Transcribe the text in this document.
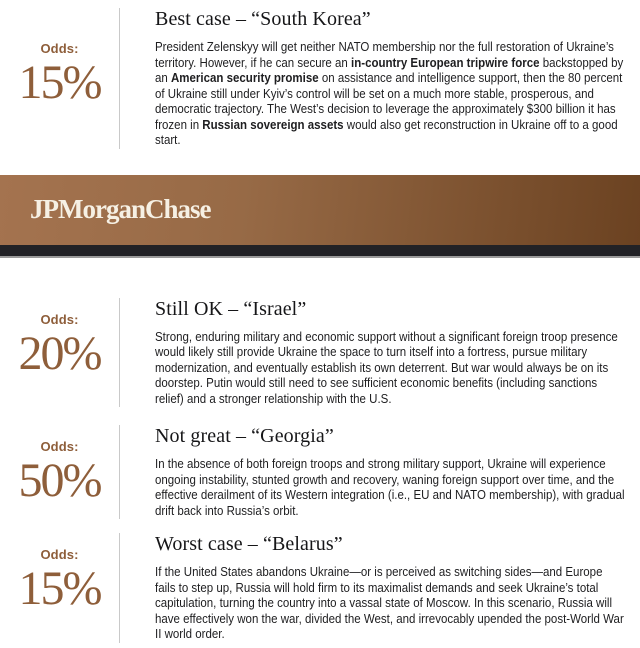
Odds:
15%
Best case – “South Korea”

President Zelenskyy will get neither NATO membership nor the full restoration of Ukraine’s territory. However, if he can secure an in-country European tripwire force backstopped by an American security promise on assistance and intelligence support, then the 80 percent of Ukraine still under Kyiv’s control will be set on a much more stable, prosperous, and democratic trajectory. The West’s decision to leverage the approximately $300 billion it has frozen in Russian sovereign assets would also get reconstruction in Ukraine off to a good start.

JPMorganChase
Odds:
20%
Still OK – “Israel”

Strong, enduring military and economic support without a significant foreign troop presence would likely still provide Ukraine the space to turn itself into a fortress, pursue military modernization, and eventually establish its own deterrent. But war would always be on its doorstep. Putin would still need to see sufficient economic benefits (including sanctions relief) and a stronger relationship with the U.S.

Odds:
50%
Not great – “Georgia”

In the absence of both foreign troops and strong military support, Ukraine will experience ongoing instability, stunted growth and recovery, waning foreign support over time, and the effective derailment of its Western integration (i.e., EU and NATO membership), with gradual drift back into Russia’s orbit.

Odds:
15%
Worst case – “Belarus”

If the United States abandons Ukraine—or is perceived as switching sides—and Europe fails to step up, Russia will hold firm to its maximalist demands and seek Ukraine’s total capitulation, turning the country into a vassal state of Moscow. In this scenario, Russia will have effectively won the war, divided the West, and irrevocably upended the post-World War II world order.
